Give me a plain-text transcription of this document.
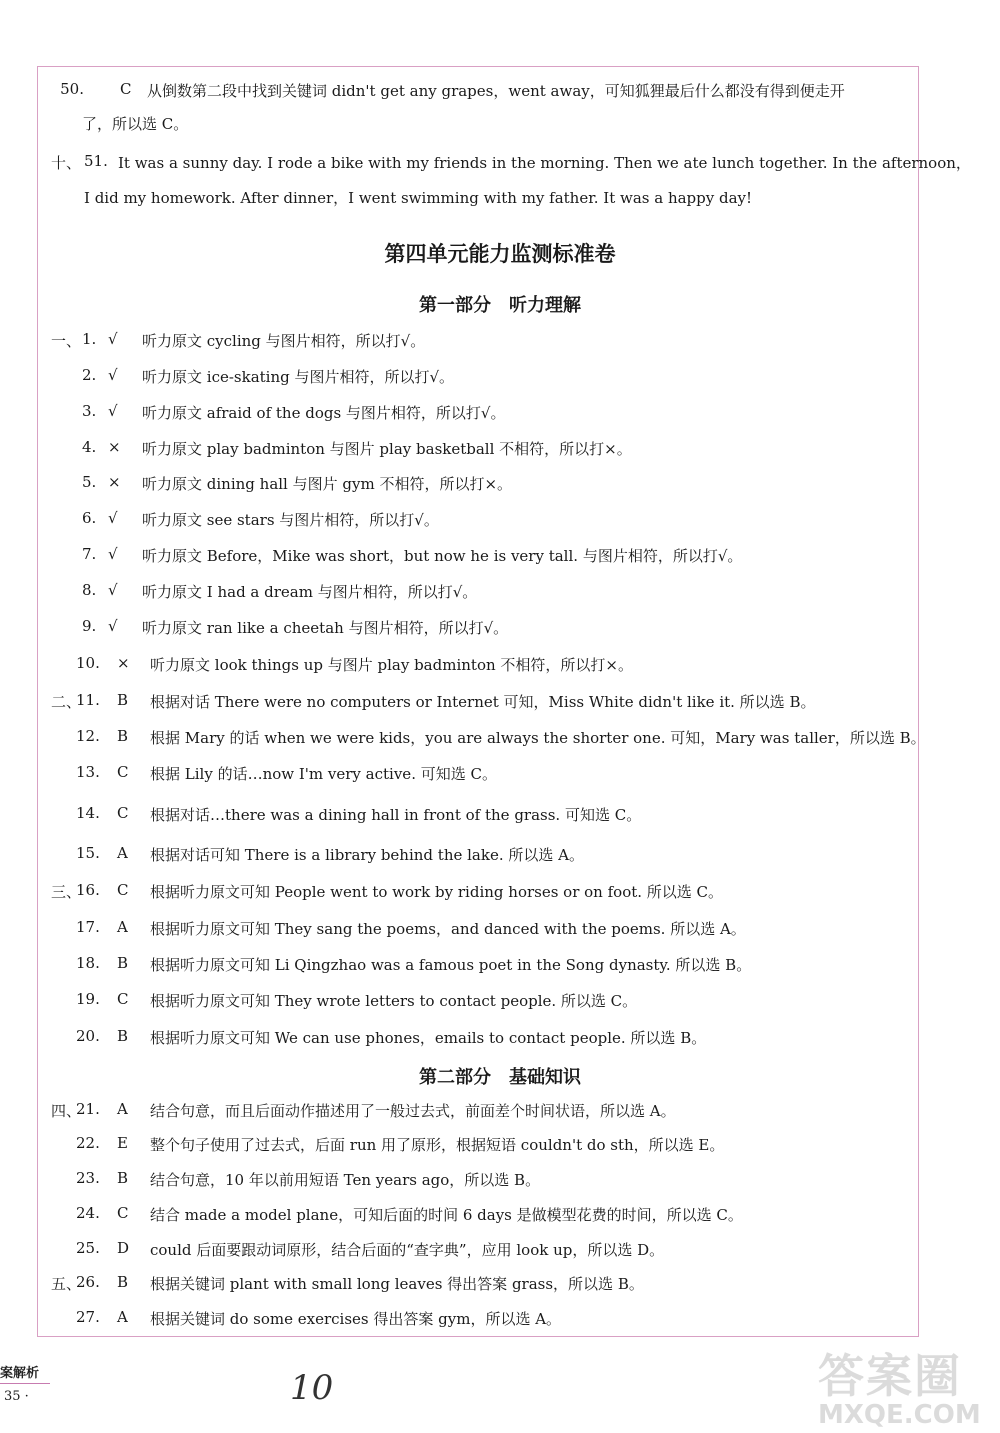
50. C 从倒数第二段中找到关键词 didn't get any grapes，went away，可知狐狸最后什么都没有得到便走开
了，所以选 C。
十、 51. It was a sunny day. I rode a bike with my friends in the morning. Then we ate lunch together. In the afternoon，
I did my homework. After dinner，I went swimming with my father. It was a happy day!
第四单元能力监测标准卷
第一部分　听力理解
一、 1. √ 听力原文 cycling 与图片相符，所以打√。
2. √ 听力原文 ice-skating 与图片相符，所以打√。
3. √ 听力原文 afraid of the dogs 与图片相符，所以打√。
4. × 听力原文 play badminton 与图片 play basketball 不相符，所以打×。
5. × 听力原文 dining hall 与图片 gym 不相符，所以打×。
6. √ 听力原文 see stars 与图片相符，所以打√。
7. √ 听力原文 Before，Mike was short，but now he is very tall. 与图片相符，所以打√。
8. √ 听力原文 I had a dream 与图片相符，所以打√。
9. √ 听力原文 ran like a cheetah 与图片相符，所以打√。
10. × 听力原文 look things up 与图片 play badminton 不相符，所以打×。
二、
11. B 根据对话 There were no computers or Internet 可知，Miss White didn't like it. 所以选 B。
12. B 根据 Mary 的话 when we were kids，you are always the shorter one. 可知，Mary was taller，所以选 B。
13. C 根据 Lily 的话…now I'm very active. 可知选 C。
14. C 根据对话…there was a dining hall in front of the grass. 可知选 C。
15. A 根据对话可知 There is a library behind the lake. 所以选 A。
三、
16. C 根据听力原文可知 People went to work by riding horses or on foot. 所以选 C。
17. A 根据听力原文可知 They sang the poems，and danced with the poems. 所以选 A。
18. B 根据听力原文可知 Li Qingzhao was a famous poet in the Song dynasty. 所以选 B。
19. C 根据听力原文可知 They wrote letters to contact people. 所以选 C。
20. B 根据听力原文可知 We can use phones，emails to contact people. 所以选 B。
第二部分　基础知识
四、
21. A 结合句意，而且后面动作描述用了一般过去式，前面差个时间状语，所以选 A。
22. E 整个句子使用了过去式，后面 run 用了原形，根据短语 couldn't do sth，所以选 E。
23. B 结合句意，10 年以前用短语 Ten years ago，所以选 B。
24. C 结合 made a model plane，可知后面的时间 6 days 是做模型花费的时间，所以选 C。
25. D could 后面要跟动词原形，结合后面的“查字典”，应用 look up，所以选 D。
五、
26. B 根据关键词 plant with small long leaves 得出答案 grass，所以选 B。
27. A 根据关键词 do some exercises 得出答案 gym，所以选 A。
案解析
35 ·	10	答案圈
MXQE.COM
